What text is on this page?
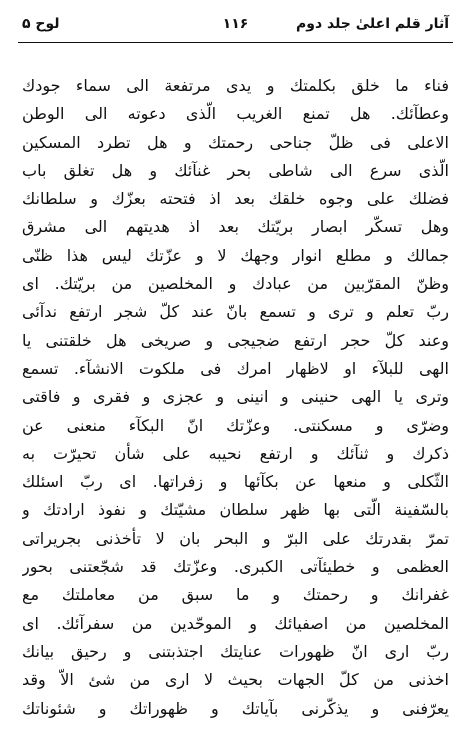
لوح ۵	۱۱۶	آثار قلم اعلیٰ جلد دوم
فناء ما خلق بكلمتك و يدى مرتفعة الى سماء جودك
وعطآئك. هل تمنع الغريب الّذى دعوته الى الوطن
الاعلى فى ظلّ جناحى رحمتك و هل تطرد المسكين
الّذى سرع الى شاطى بحر غنآئك و هل تغلق باب
فضلك على وجوه خلقك بعد اذ فتحته بعزّك و سلطانك
وهل تسكّر ابصار بريّتك بعد اذ هديتهم الى مشرق
جمالك و مطلع انوار وجهك لا و عزّتك ليس هذا ظنّى
وظنّ المقرّبين من عبادك و المخلصين من بريّتك. اى
ربّ تعلم و ترى و تسمع بانّ عند كلّ شجر ارتفع ندآئى
وعند كلّ حجر ارتفع ضجيجى و صريخى هل خلقتنى يا
الهى للبلآء او لاظهار امرك فى ملكوت الانشآء. تسمع
وترى يا الهى حنينى و انينى و عجزى و فقرى و فاقتى
وضرّى و مسكنتى. وعزّتك انّ البكآء منعنى عن
ذكرك و ثنآئك و ارتفع نحيبه على شأن تحيرّت به
الثّكلى و منعها عن بكآئها و زفراتها. اى ربّ اسئلك
بالسّفينة الّتى بها ظهر سلطان مشيّتك و نفوذ ارادتك و
تمرّ بقدرتك على البرّ و البحر بان لا تأخذنى بجريراتى
العظمى و خطيئآتى الكبرى. وعزّتك قد شجّعتنى بحور
غفرانك و رحمتك و ما سبق من معاملتك مع
المخلصين من اصفيائك و الموحّدين من سفرآئك. اى
ربّ ارى انّ ظهورات عنايتك اجتذبتنى و رحيق بيانك
اخذنى من كلّ الجهات بحيث لا ارى من شئ الاّ وقد
يعرّفنى و يذكّرنى بآياتك و ظهوراتك و شئوناتك
